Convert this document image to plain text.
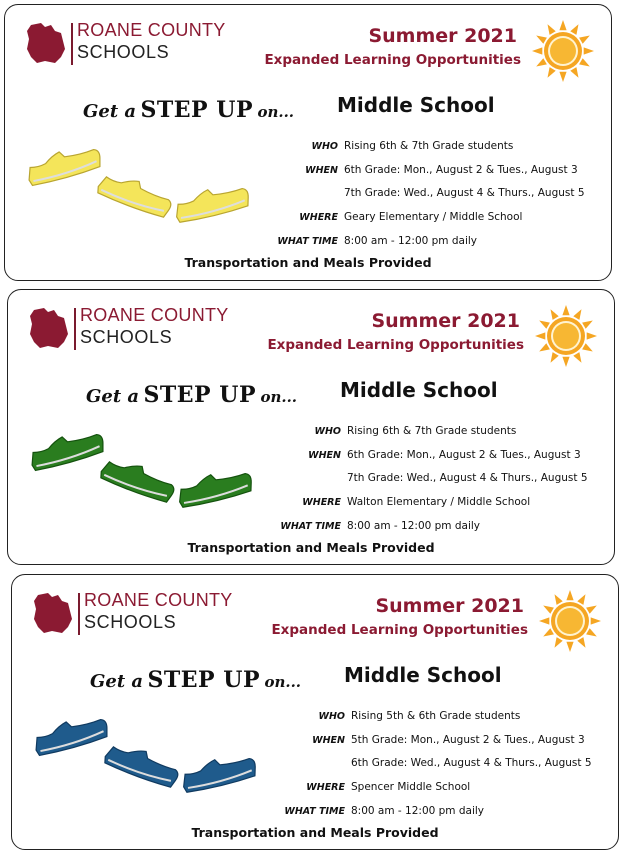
ROANE COUNTY
SCHOOLS
Summer 2021
Expanded Learning Opportunities
Get a STEP UP on... Middle School
WHO Rising 6th & 7th Grade students
WHEN 6th Grade: Mon., August 2 & Tues., August 3
7th Grade: Wed., August 4 & Thurs., August 5
WHERE Geary Elementary / Middle School
WHAT TIME 8:00 am - 12:00 pm daily
Transportation and Meals Provided
ROANE COUNTY
SCHOOLS
Summer 2021
Expanded Learning Opportunities
Get a STEP UP on... Middle School
WHO Rising 6th & 7th Grade students
WHEN 6th Grade: Mon., August 2 & Tues., August 3
7th Grade: Wed., August 4 & Thurs., August 5
WHERE Walton Elementary / Middle School
WHAT TIME 8:00 am - 12:00 pm daily
Transportation and Meals Provided
ROANE COUNTY
SCHOOLS
Summer 2021
Expanded Learning Opportunities
Get a STEP UP on... Middle School
WHO Rising 5th & 6th Grade students
WHEN 5th Grade: Mon., August 2 & Tues., August 3
6th Grade: Wed., August 4 & Thurs., August 5
WHERE Spencer Middle School
WHAT TIME 8:00 am - 12:00 pm daily
Transportation and Meals Provided
